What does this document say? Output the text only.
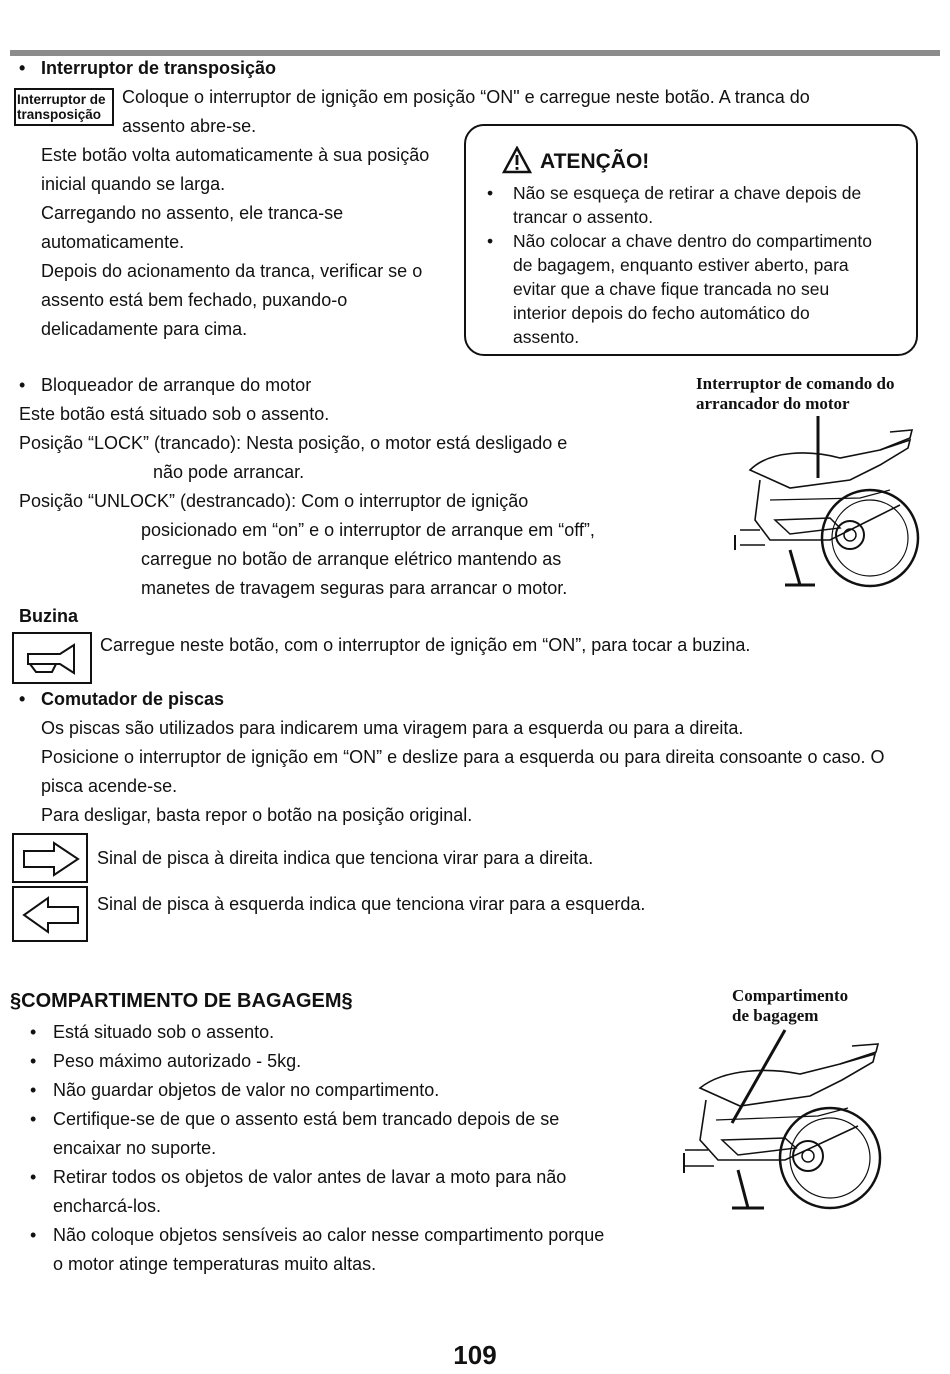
• Interruptor de transposição
Interruptor de
transposição
Coloque o interruptor de ignição em posição “ON" e carregue neste botão. A tranca do
assento abre-se.
Este botão volta automaticamente à sua posição
inicial quando se larga.
Carregando no assento, ele tranca-se
automaticamente.
Depois do acionamento da tranca, verificar se o
assento está bem fechado, puxando-o
delicadamente para cima.
ATENÇÃO!
• Não se esqueça de retirar a chave depois de
trancar o assento.
• Não colocar a chave dentro do compartimento
de bagagem, enquanto estiver aberto, para
evitar que a chave fique trancada no seu
interior depois do fecho automático do
assento.
• Bloqueador de arranque do motor
Este botão está situado sob o assento.
Posição “LOCK” (trancado): Nesta posição, o motor está desligado e
não pode arrancar.
Posição “UNLOCK” (destrancado): Com o interruptor de ignição
posicionado em “on” e o interruptor de arranque em “off”,
carregue no botão de arranque elétrico mantendo as
manetes de travagem seguras para arrancar o motor.
Interruptor de comando do
arrancador do motor
Buzina
Carregue neste botão, com o interruptor de ignição em “ON”, para tocar a buzina.
• Comutador de piscas
Os piscas são utilizados para indicarem uma viragem para a esquerda ou para a direita.
Posicione o interruptor de ignição em “ON” e deslize para a esquerda ou para direita consoante o caso. O
pisca acende-se.
Para desligar, basta repor o botão na posição original.
Sinal de pisca à direita indica que tenciona virar para a direita.
Sinal de pisca à esquerda indica que tenciona virar para a esquerda.
§COMPARTIMENTO DE BAGAGEM§
• Está situado sob o assento.
• Peso máximo autorizado - 5kg.
• Não guardar objetos de valor no compartimento.
• Certifique-se de que o assento está bem trancado depois de se
encaixar no suporte.
• Retirar todos os objetos de valor antes de lavar a moto para não
encharcá-los.
• Não coloque objetos sensíveis ao calor nesse compartimento porque
o motor atinge temperaturas muito altas.
Compartimento
de bagagem
109
